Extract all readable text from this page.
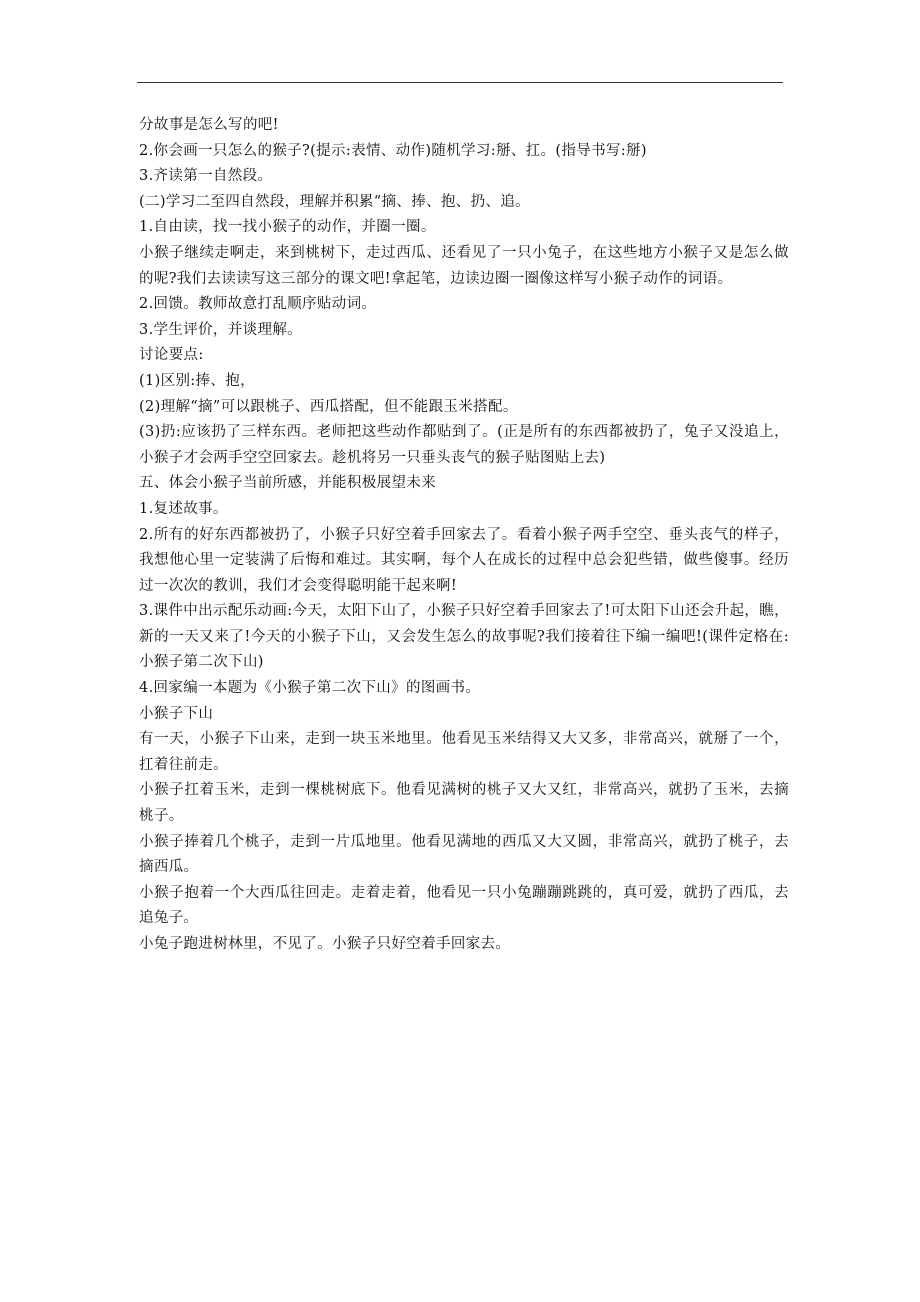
分故事是怎么写的吧!

2.你会画一只怎么的猴子?(提示:表情、动作)随机学习:掰、扛。(指导书写:掰)

3.齐读第一自然段。

(二)学习二至四自然段，理解并积累“摘、捧、抱、扔、追。

1.自由读，找一找小猴子的动作，并圈一圈。

小猴子继续走啊走，来到桃树下，走过西瓜、还看见了一只小兔子，在这些地方小猴子又是怎么做的呢?我们去读读写这三部分的课文吧!拿起笔，边读边圈一圈像这样写小猴子动作的词语。

2.回馈。教师故意打乱顺序贴动词。

3.学生评价，并谈理解。

讨论要点:

(1)区别:捧、抱，

(2)理解“摘”可以跟桃子、西瓜搭配，但不能跟玉米搭配。

(3)扔:应该扔了三样东西。老师把这些动作都贴到了。(正是所有的东西都被扔了，兔子又没追上，小猴子才会两手空空回家去。趁机将另一只垂头丧气的猴子贴图贴上去)

五、体会小猴子当前所感，并能积极展望未来

1.复述故事。

2.所有的好东西都被扔了，小猴子只好空着手回家去了。看着小猴子两手空空、垂头丧气的样子，我想他心里一定装满了后悔和难过。其实啊，每个人在成长的过程中总会犯些错，做些傻事。经历过一次次的教训，我们才会变得聪明能干起来啊!

3.课件中出示配乐动画:今天，太阳下山了，小猴子只好空着手回家去了!可太阳下山还会升起，瞧，新的一天又来了!今天的小猴子下山，又会发生怎么的故事呢?我们接着往下编一编吧!(课件定格在:小猴子第二次下山)

4.回家编一本题为《小猴子第二次下山》的图画书。

小猴子下山

有一天，小猴子下山来，走到一块玉米地里。他看见玉米结得又大又多，非常高兴，就掰了一个，扛着往前走。

小猴子扛着玉米，走到一棵桃树底下。他看见满树的桃子又大又红，非常高兴，就扔了玉米，去摘桃子。

小猴子捧着几个桃子，走到一片瓜地里。他看见满地的西瓜又大又圆，非常高兴，就扔了桃子，去摘西瓜。

小猴子抱着一个大西瓜往回走。走着走着，他看见一只小兔蹦蹦跳跳的，真可爱，就扔了西瓜，去追兔子。

小兔子跑进树林里，不见了。小猴子只好空着手回家去。
